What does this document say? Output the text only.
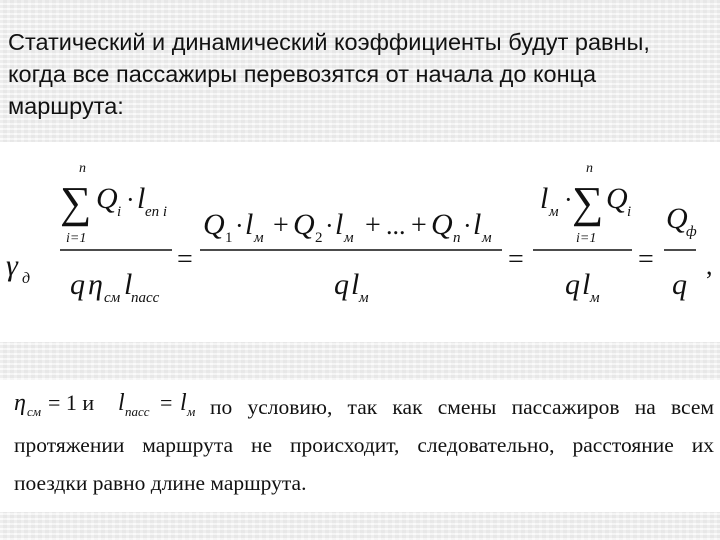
Статический и динамический коэффициенты будут равны, когда все пассажиры перевозятся от начала до конца маршрута:
γ д
n
∑
i=1
Q i · l en i
q η см l
пасс
=
Q 1 · l м + Q 2 · l м + ... + Q n · l м
q l м
=
l м ·
n
∑
i=1
Q i
q l м
=
Q
ф
q
,
η см = 1 и l пасс = l м по условию, так как смены пассажиров на всем протяжении маршрута не происходит, следовательно, расстояние их поездки равно длине маршрута.
